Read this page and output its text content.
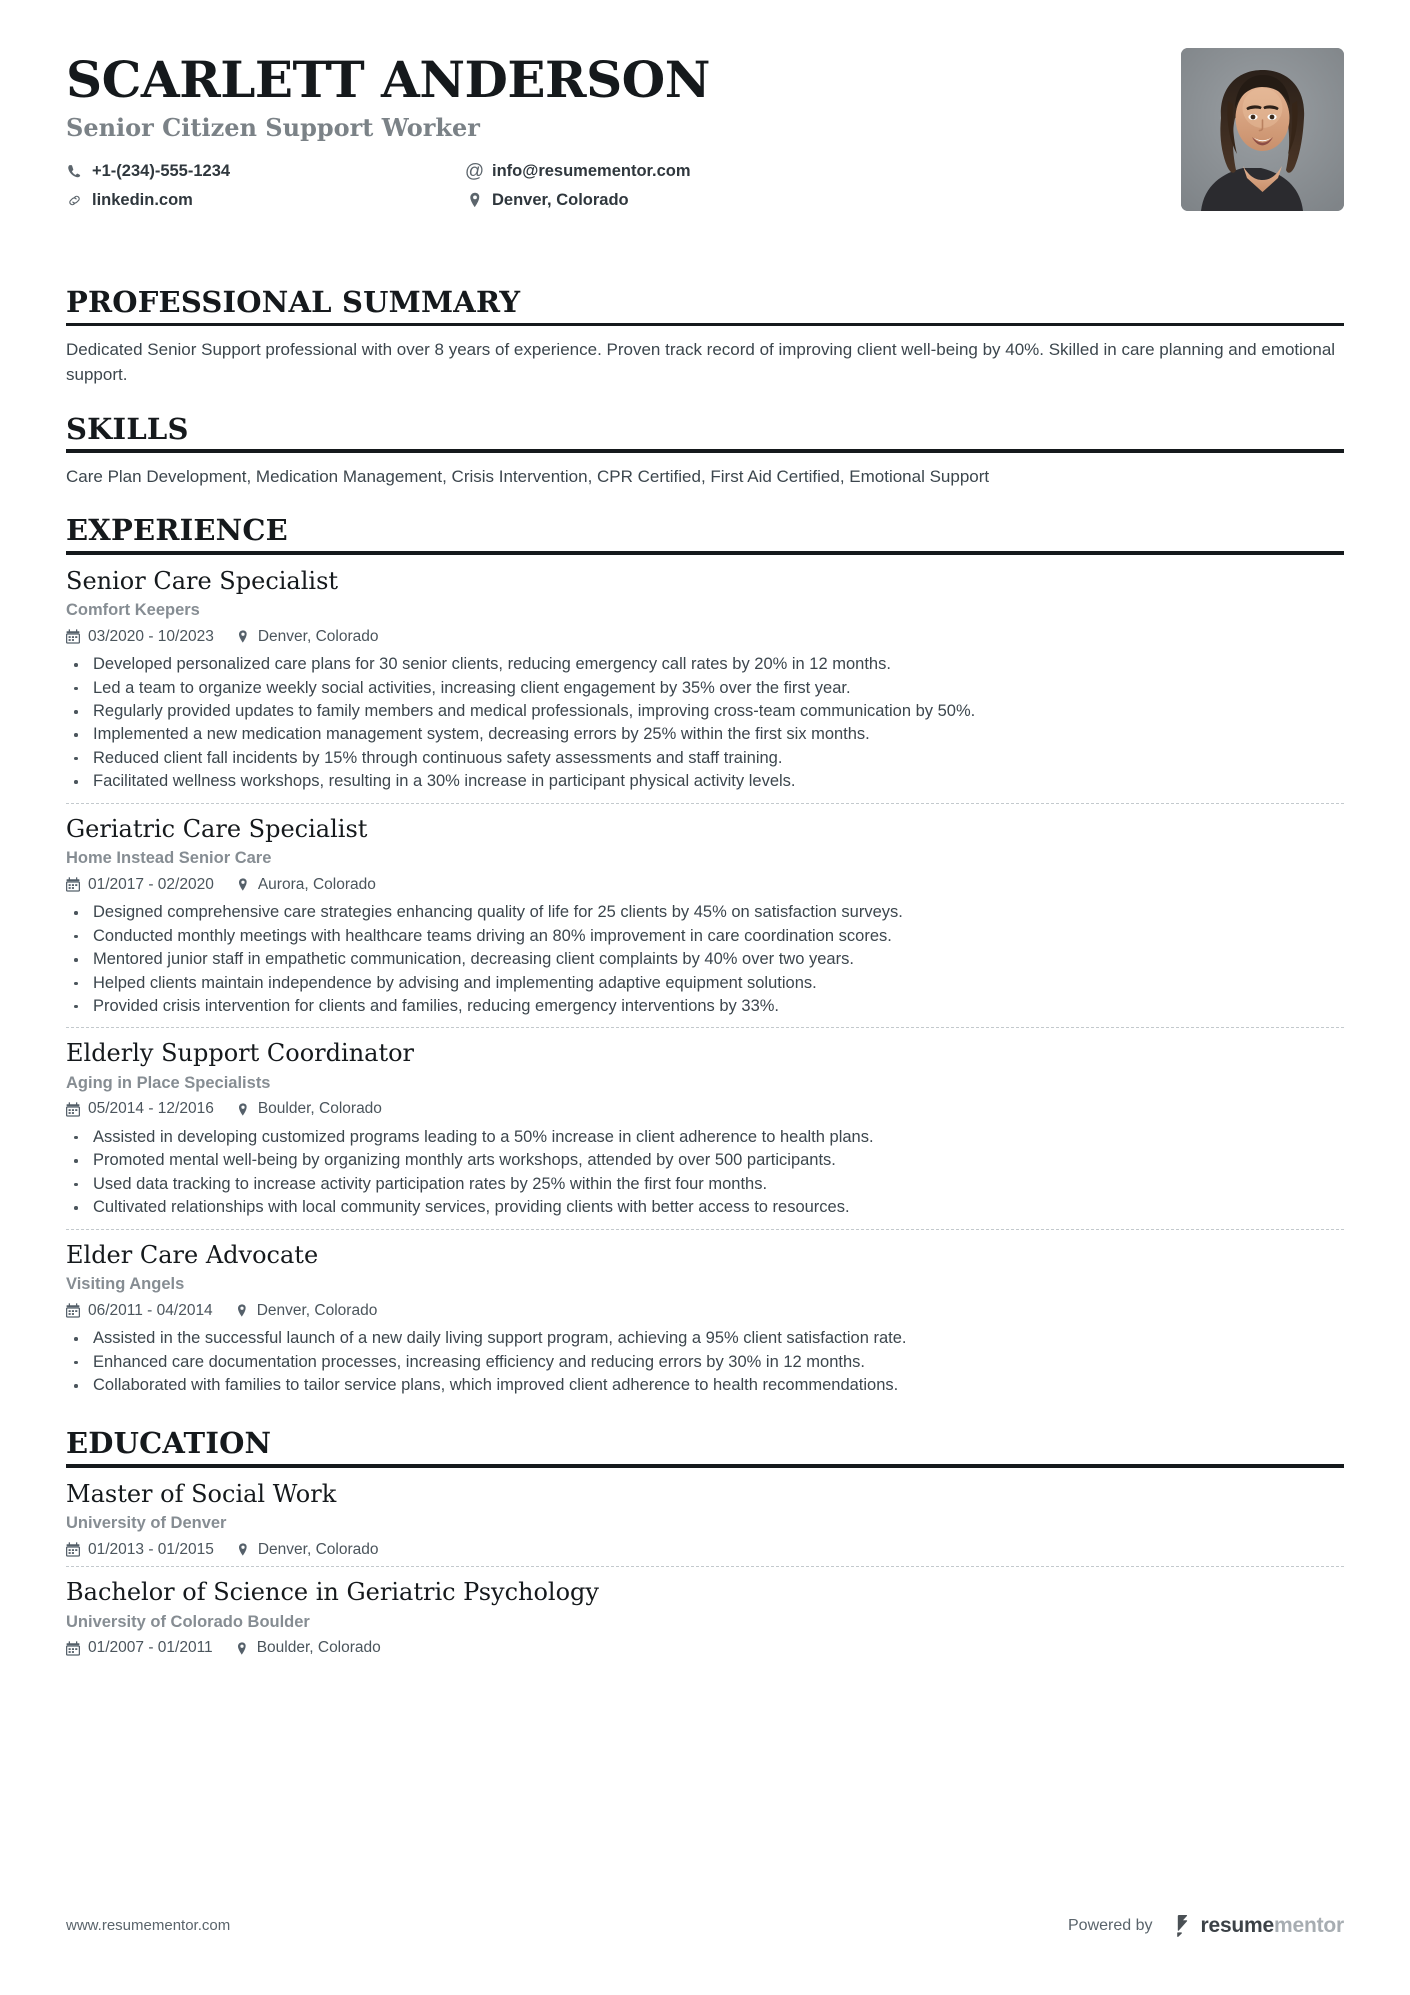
SCARLETT ANDERSON
Senior Citizen Support Worker
+1-(234)-555-1234	@ info@resumementor.com
linkedin.com	Denver, Colorado
PROFESSIONAL SUMMARY

Dedicated Senior Support professional with over 8 years of experience. Proven track record of improving client well-being by 40%. Skilled in care planning and emotional support.

SKILLS

Care Plan Development, Medication Management, Crisis Intervention, CPR Certified, First Aid Certified, Emotional Support

EXPERIENCE
Senior Care Specialist
Comfort Keepers
03/2020 - 10/2023	Denver, Colorado
Developed personalized care plans for 30 senior clients, reducing emergency call rates by 20% in 12 months.
Led a team to organize weekly social activities, increasing client engagement by 35% over the first year.
Regularly provided updates to family members and medical professionals, improving cross-team communication by 50%.
Implemented a new medication management system, decreasing errors by 25% within the first six months.
Reduced client fall incidents by 15% through continuous safety assessments and staff training.
Facilitated wellness workshops, resulting in a 30% increase in participant physical activity levels.
Geriatric Care Specialist
Home Instead Senior Care
01/2017 - 02/2020	Aurora, Colorado
Designed comprehensive care strategies enhancing quality of life for 25 clients by 45% on satisfaction surveys.
Conducted monthly meetings with healthcare teams driving an 80% improvement in care coordination scores.
Mentored junior staff in empathetic communication, decreasing client complaints by 40% over two years.
Helped clients maintain independence by advising and implementing adaptive equipment solutions.
Provided crisis intervention for clients and families, reducing emergency interventions by 33%.
Elderly Support Coordinator
Aging in Place Specialists
05/2014 - 12/2016	Boulder, Colorado
Assisted in developing customized programs leading to a 50% increase in client adherence to health plans.
Promoted mental well-being by organizing monthly arts workshops, attended by over 500 participants.
Used data tracking to increase activity participation rates by 25% within the first four months.
Cultivated relationships with local community services, providing clients with better access to resources.
Elder Care Advocate
Visiting Angels
06/2011 - 04/2014	Denver, Colorado
Assisted in the successful launch of a new daily living support program, achieving a 95% client satisfaction rate.
Enhanced care documentation processes, increasing efficiency and reducing errors by 30% in 12 months.
Collaborated with families to tailor service plans, which improved client adherence to health recommendations.
EDUCATION
Master of Social Work
University of Denver
01/2013 - 01/2015	Denver, Colorado
Bachelor of Science in Geriatric Psychology
University of Colorado Boulder
01/2007 - 01/2011	Boulder, Colorado
www.resumementor.com	Powered by resumementor
